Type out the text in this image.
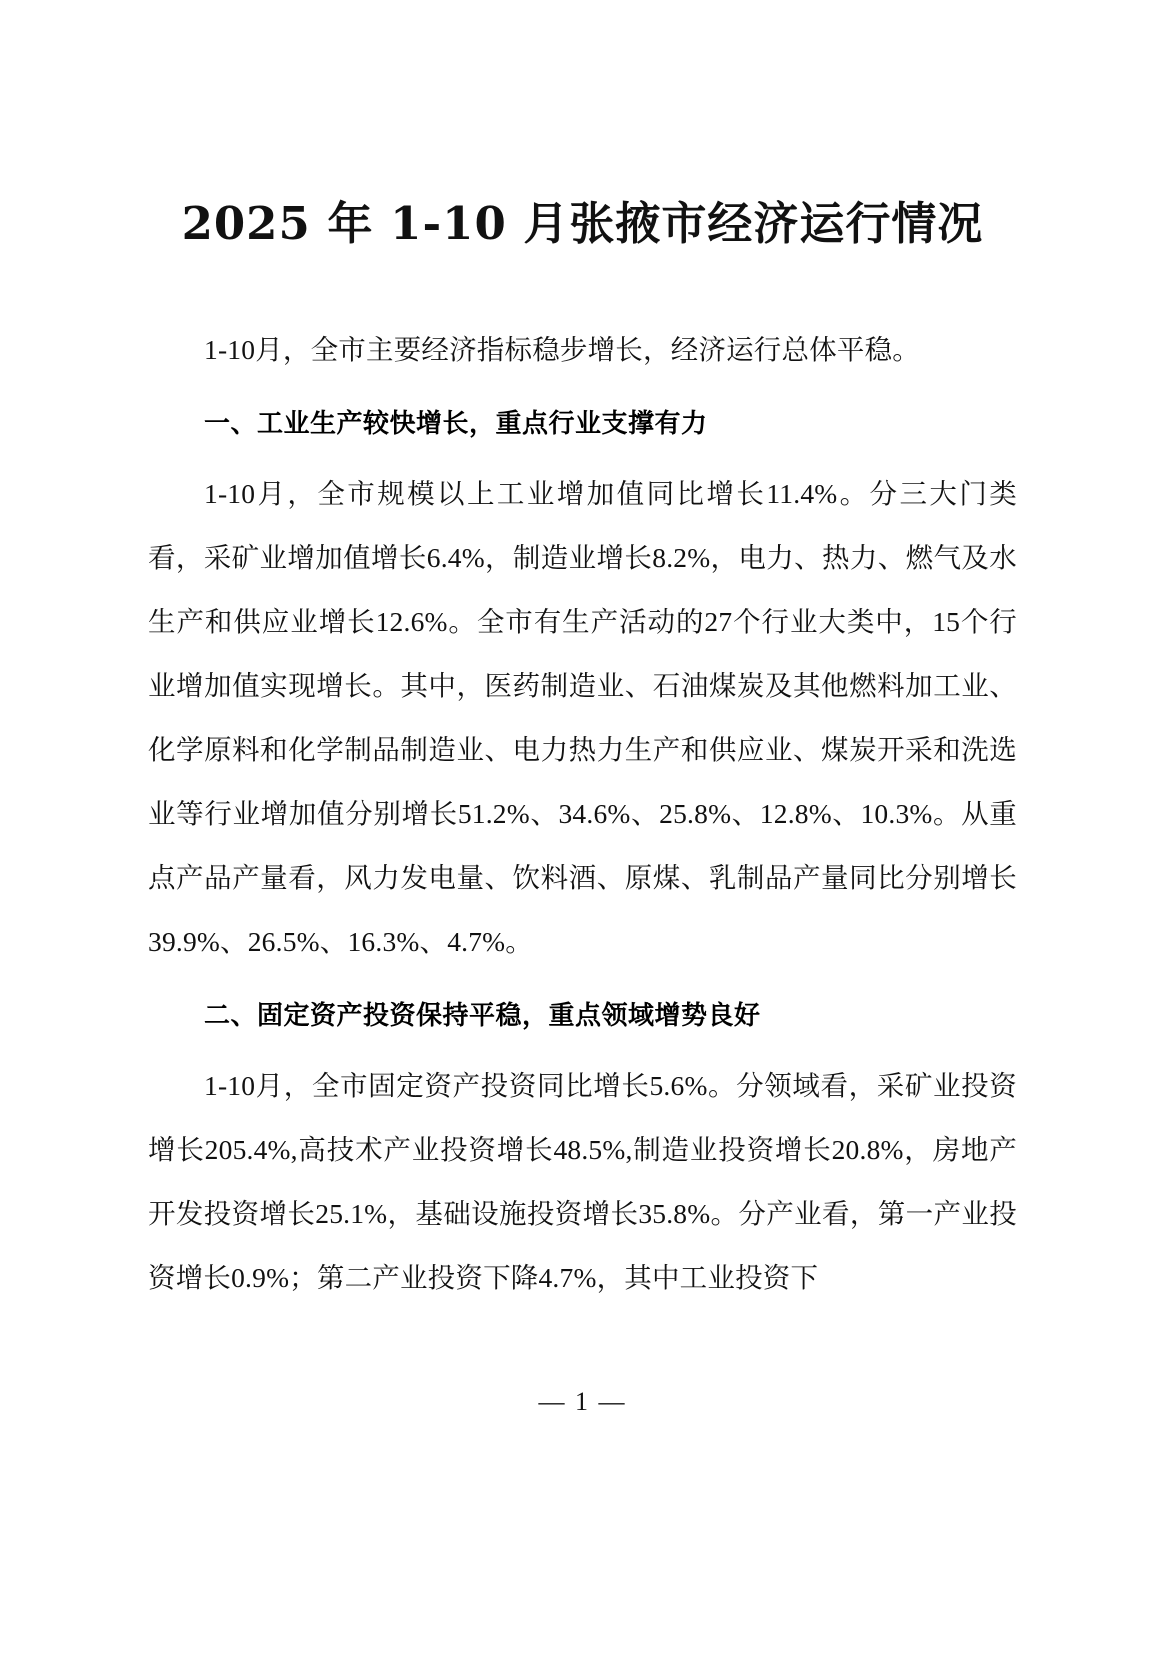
2025 年 1-10 月张掖市经济运行情况

1-10月，全市主要经济指标稳步增长，经济运行总体平稳。

一、工业生产较快增长，重点行业支撑有力

1-10月，全市规模以上工业增加值同比增长11.4%。分三大门类看，采矿业增加值增长6.4%，制造业增长8.2%，电力、热力、燃气及水生产和供应业增长12.6%。全市有生产活动的27个行业大类中，15个行业增加值实现增长。其中，医药制造业、石油煤炭及其他燃料加工业、化学原料和化学制品制造业、电力热力生产和供应业、煤炭开采和洗选业等行业增加值分别增长51.2%、34.6%、25.8%、12.8%、10.3%。从重点产品产量看，风力发电量、饮料酒、原煤、乳制品产量同比分别增长39.9%、26.5%、16.3%、4.7%。

二、固定资产投资保持平稳，重点领域增势良好

1-10月，全市固定资产投资同比增长5.6%。分领域看，采矿业投资增长205.4%,高技术产业投资增长48.5%,制造业投资增长20.8%，房地产开发投资增长25.1%，基础设施投资增长35.8%。分产业看，第一产业投资增长0.9%；第二产业投资下降4.7%，其中工业投资下

— 1 —
